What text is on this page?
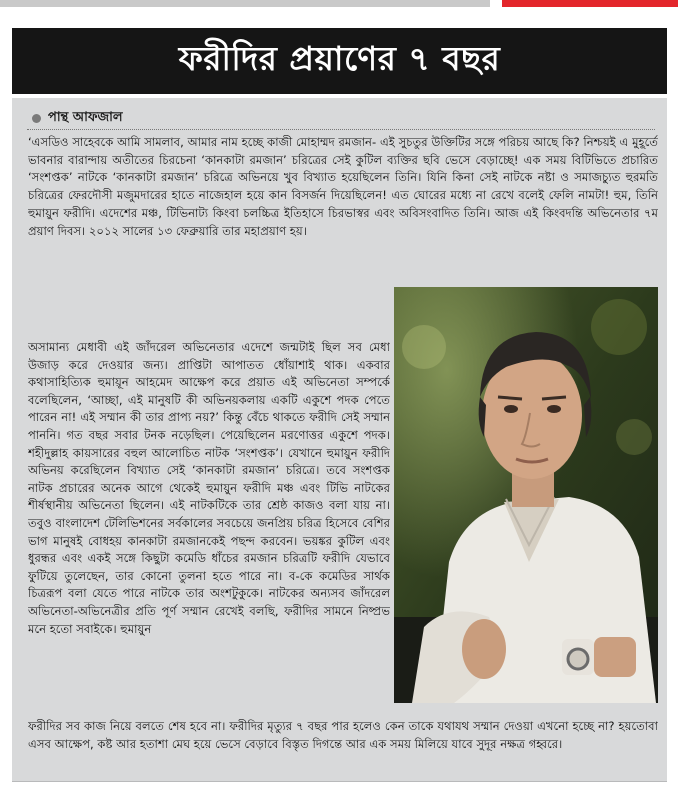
ফরীদির প্রয়াণের ৭ বছর
পান্থ আফজাল

‘এসডিও সাহেবকে আমি সামলাব, আমার নাম হচ্ছে কাজী মোহাম্মদ রমজান- এই সুচতুর উক্তিটির সঙ্গে পরিচয় আছে কি? নিশ্চয়ই এ মুহূর্তে ভাবনার বারান্দায় অতীতের চিরচেনা ‘কানকাটা রমজান’ চরিত্রের সেই কুটিল ব্যক্তির ছবি ভেসে বেড়াচ্ছে! এক সময় বিটিভিতে প্রচারিত ‘সংশপ্তক’ নাটকে ‘কানকাটা রমজান’ চরিত্রে অভিনয়ে খুব বিখ্যাত হয়েছিলেন তিনি। যিনি কিনা সেই নাটকে নষ্টা ও সমাজচ্যুত হুরমতি চরিত্রের ফেরদৌসী মজুমদারের হাতে নাজেহাল হয়ে কান বিসর্জন দিয়েছিলেন! এত ঘোরের মধ্যে না রেখে বলেই ফেলি নামটা! হুম, তিনি হুমায়ুন ফরীদি। এদেশের মঞ্চ, টিভিনাট্য কিংবা চলচ্চিত্র ইতিহাসে চিরভাস্বর এবং অবিসংবাদিত তিনি। আজ এই কিংবদন্তি অভিনেতার ৭ম প্রয়াণ দিবস। ২০১২ সালের ১৩ ফেব্রুয়ারি তার মহাপ্রয়াণ হয়।

অসামান্য মেধাবী এই জাঁদরেল অভিনেতার এদেশে জন্মটাই ছিল সব মেধা উজাড় করে দেওয়ার জন্য। প্রাপ্তিটা আপাতত ধোঁয়াশাই থাক। একবার কথাসাহিত্যিক হুমায়ূন আহমেদ আক্ষেপ করে প্রয়াত এই অভিনেতা সম্পর্কে বলেছিলেন, ‘আচ্ছা, এই মানুষটি কী অভিনয়কলায় একটি একুশে পদক পেতে পারেন না! এই সম্মান কী তার প্রাপ্য নয়?’ কিন্তু বেঁচে থাকতে ফরীদি সেই সম্মান পাননি। গত বছর সবার টনক নড়েছিল। পেয়েছিলেন মরণোত্তর একুশে পদক। শহীদুল্লাহ কায়সারের বহুল আলোচিত নাটক ‘সংশপ্তক’। যেখানে হুমায়ুন ফরীদি অভিনয় করেছিলেন বিখ্যাত সেই ‘কানকাটা রমজান’ চরিত্রে। তবে সংশপ্তক নাটক প্রচারের অনেক আগে থেকেই হুমায়ুন ফরীদি মঞ্চ এবং টিভি নাটকের শীর্ষস্থানীয় অভিনেতা ছিলেন। এই নাটকটিকে তার শ্রেষ্ঠ কাজও বলা যায় না। তবুও বাংলাদেশ টেলিভিশনের সর্বকালের সবচেয়ে জনপ্রিয় চরিত্র হিসেবে বেশির ভাগ মানুষই বোধহয় কানকাটা রমজানকেই পছন্দ করবেন। ভয়ঙ্কর কুটিল এবং ধুরন্ধর এবং একই সঙ্গে কিছুটা কমেডি ধাঁচের রমজান চরিত্রটি ফরীদি যেভাবে ফুটিয়ে তুলেছেন, তার কোনো তুলনা হতে পারে না। ব-কে কমেডির সার্থক চিত্ররূপ বলা যেতে পারে নাটকে তার অংশটুকুকে। নাটকের অন্যসব জাঁদরেল অভিনেতা-অভিনেত্রীর প্রতি পূর্ণ সম্মান রেখেই বলছি, ফরীদির সামনে নিষ্প্রভ মনে হতো সবাইকে। হুমায়ুন

ফরীদির সব কাজ নিয়ে বলতে শেষ হবে না। ফরীদির মৃত্যুর ৭ বছর পার হলেও কেন তাকে যথাযথ সম্মান দেওয়া এখনো হচ্ছে না? হয়তোবা এসব আক্ষেপ, কষ্ট আর হতাশা মেঘ হয়ে ভেসে বেড়াবে বিস্তৃত দিগন্তে আর এক সময় মিলিয়ে যাবে সুদূর নক্ষত্র গহ্বরে।
